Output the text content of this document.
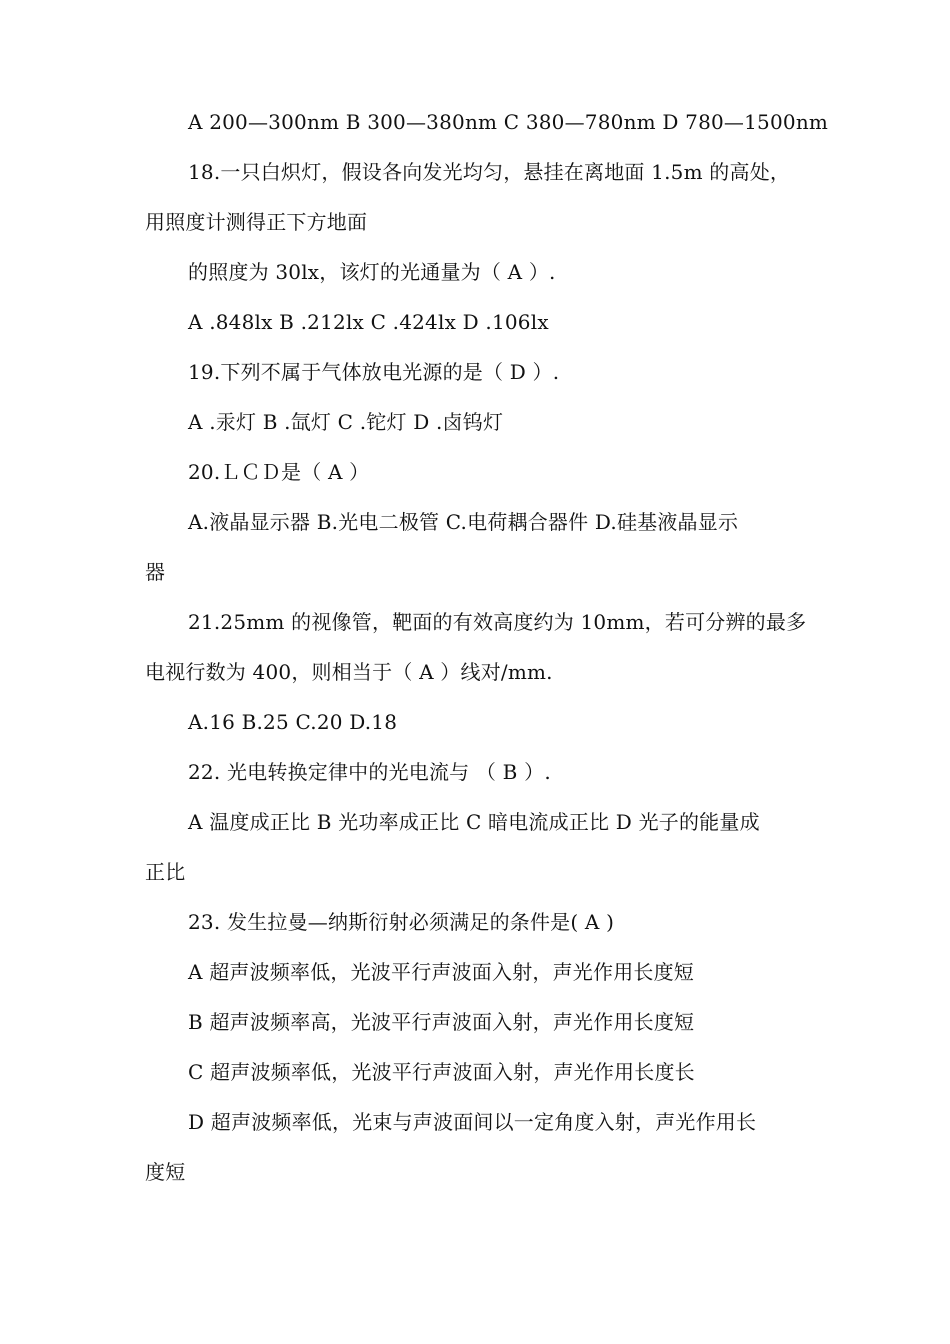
A 200—300nm B 300—380nm C 380—780nm D 780—1500nm
18.一只白炽灯，假设各向发光均匀，悬挂在离地面 1.5m 的高处，
用照度计测得正下方地面
的照度为 30lx，该灯的光通量为（ A ）.
A .848lx B .212lx C .424lx D .106lx
19.下列不属于气体放电光源的是（ D ）.
A .汞灯 B .氙灯 C .铊灯 D .卤钨灯
20.ＬＣＤ是（ A ）
A.液晶显示器 B.光电二极管 C.电荷耦合器件 D.硅基液晶显示
器
21.25mm 的视像管，靶面的有效高度约为 10mm，若可分辨的最多
电视行数为 400，则相当于（ A ）线对/mm.
A.16 B.25 C.20 D.18
22. 光电转换定律中的光电流与 （ B ）.
A 温度成正比 B 光功率成正比 C 暗电流成正比 D 光子的能量成
正比
23. 发生拉曼—纳斯衍射必须满足的条件是( A )
A 超声波频率低，光波平行声波面入射，声光作用长度短
B 超声波频率高，光波平行声波面入射，声光作用长度短
C 超声波频率低，光波平行声波面入射，声光作用长度长
D 超声波频率低，光束与声波面间以一定角度入射，声光作用长
度短
